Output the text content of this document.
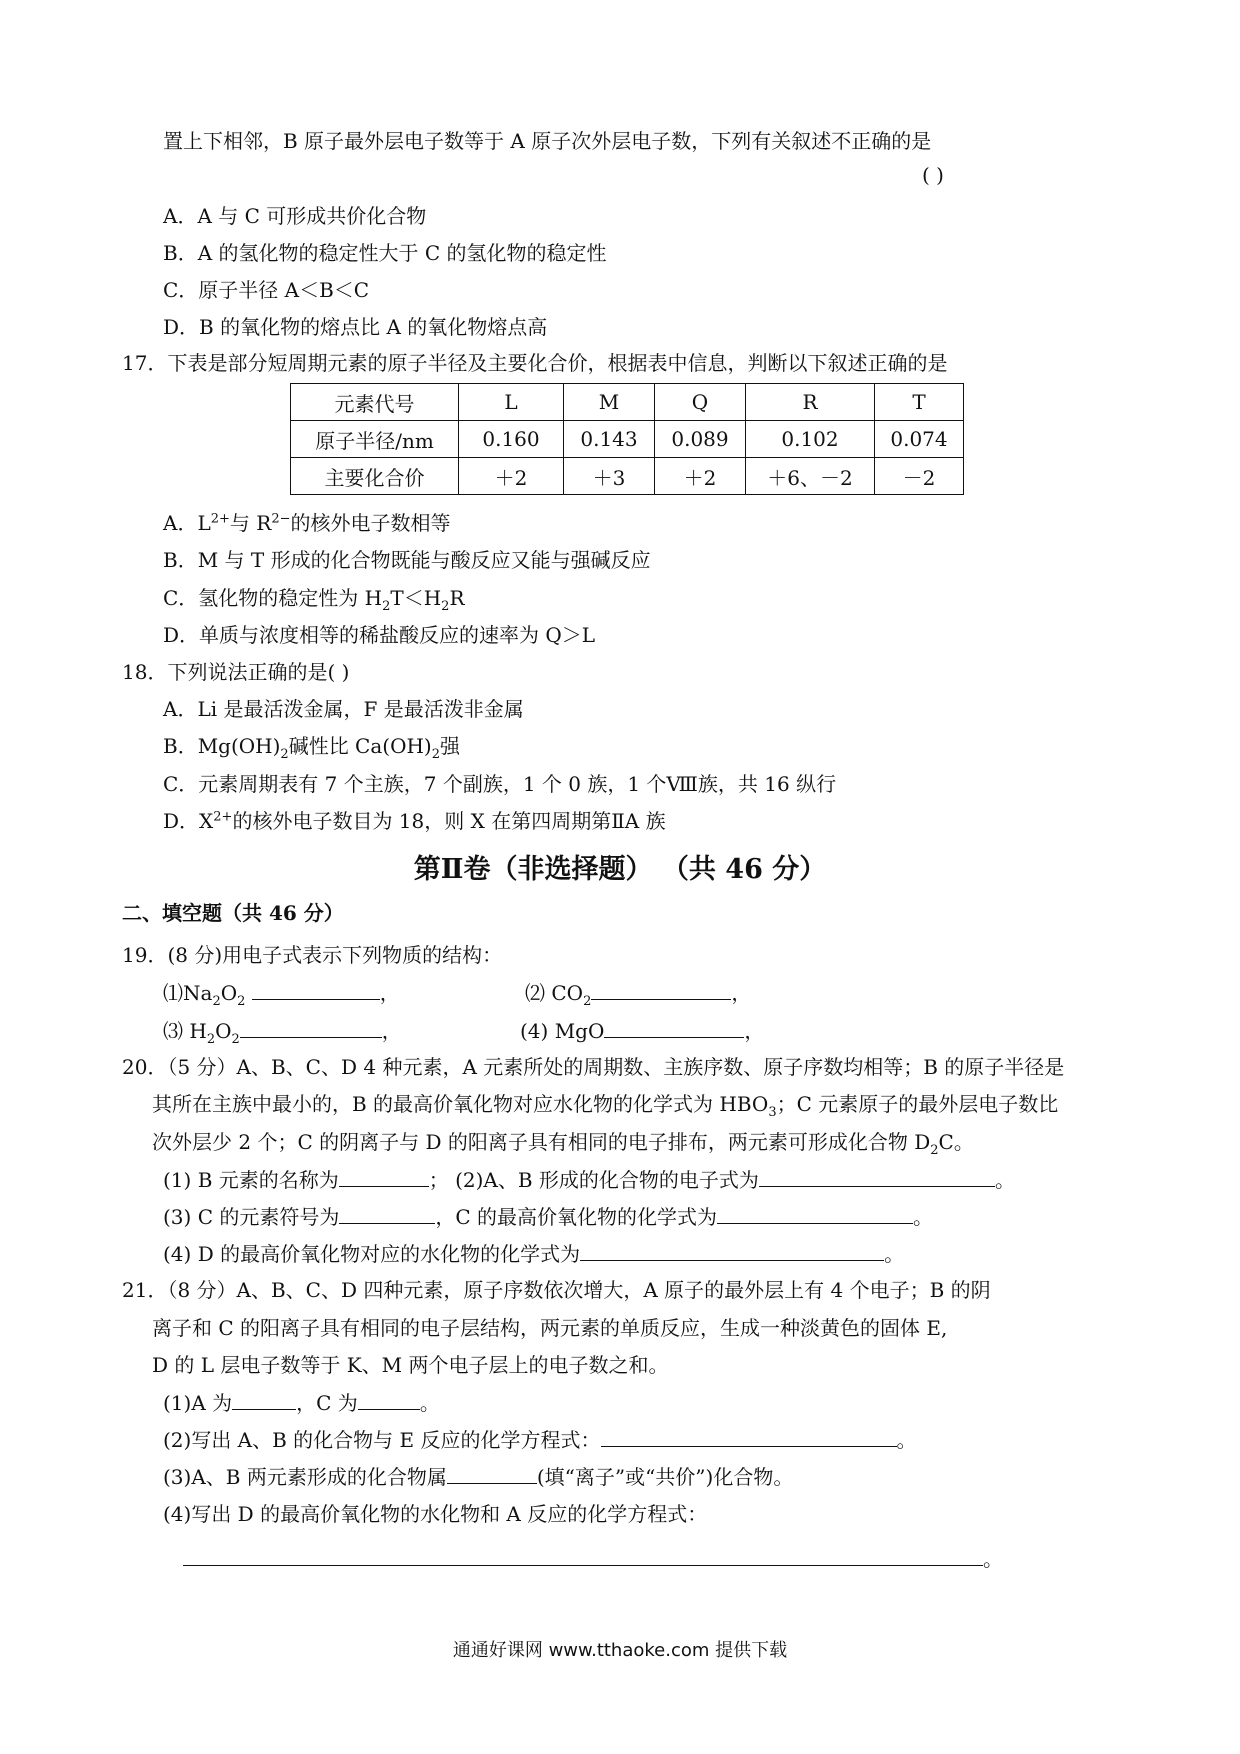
置上下相邻，B 原子最外层电子数等于 A 原子次外层电子数，下列有关叙述不正确的是
( )
A．A 与 C 可形成共价化合物
B．A 的氢化物的稳定性大于 C 的氢化物的稳定性
C．原子半径 A＜B＜C
D．B 的氧化物的熔点比 A 的氧化物熔点高
17．下表是部分短周期元素的原子半径及主要化合价，根据表中信息，判断以下叙述正确的是
元素代号	L	M	Q	R	T
原子半径/nm	0.160	0.143	0.089	0.102	0.074
主要化合价	＋2	＋3	＋2	＋6、－2	－2
A．$L^{2+}$与 $R^{2-}$的核外电子数相等
B．M 与 T 形成的化合物既能与酸反应又能与强碱反应
C．氢化物的稳定性为 $H_2T<H_2R$
D．单质与浓度相等的稀盐酸反应的速率为 Q＞L
18．下列说法正确的是( )
A．Li 是最活泼金属，F 是最活泼非金属
B．$Mg(OH)_2$碱性比 $Ca(OH)_2$强
C．元素周期表有 7 个主族，7 个副族，1 个 0 族，1 个Ⅷ族，共 16 纵行
D．$X^{2+}$的核外电子数目为 18，则 X 在第四周期第ⅡA 族
第Ⅱ卷（非选择题） （共 46 分）
二、填空题（共 46 分）
19．(8 分)用电子式表示下列物质的结构：
$⑴Na_2O_2$	，	⑵ $CO_2$	，
⑶ $H_2O_2$	，	(4) MgO	，
20．（5 分）A、B、C、D 4 种元素，A 元素所处的周期数、主族序数、原子序数均相等；B 的原子半径是
其所在主族中最小的，B 的最高价氧化物对应水化物的化学式为 $HBO_3$；C 元素原子的最外层电子数比
次外层少 2 个；C 的阴离子与 D 的阳离子具有相同的电子排布，两元素可形成化合物 $D_2C$。
(1) B 元素的名称为	； (2)A、B 形成的化合物的电子式为	。
(3) C 的元素符号为	，C 的最高价氧化物的化学式为	。
(4) D 的最高价氧化物对应的水化物的化学式为	。
21．（8 分）A、B、C、D 四种元素，原子序数依次增大，A 原子的最外层上有 4 个电子；B 的阴
离子和 C 的阳离子具有相同的电子层结构，两元素的单质反应，生成一种淡黄色的固体 E,
D 的 L 层电子数等于 K、M 两个电子层上的电子数之和。
(1)A 为	，C 为	。
(2)写出 A、B 的化合物与 E 反应的化学方程式：	。
(3)A、B 两元素形成的化合物属	(填“离子”或“共价”)化合物。
(4)写出 D 的最高价氧化物的水化物和 A 反应的化学方程式：
。
通通好课网 www.tthaoke.com 提供下载
